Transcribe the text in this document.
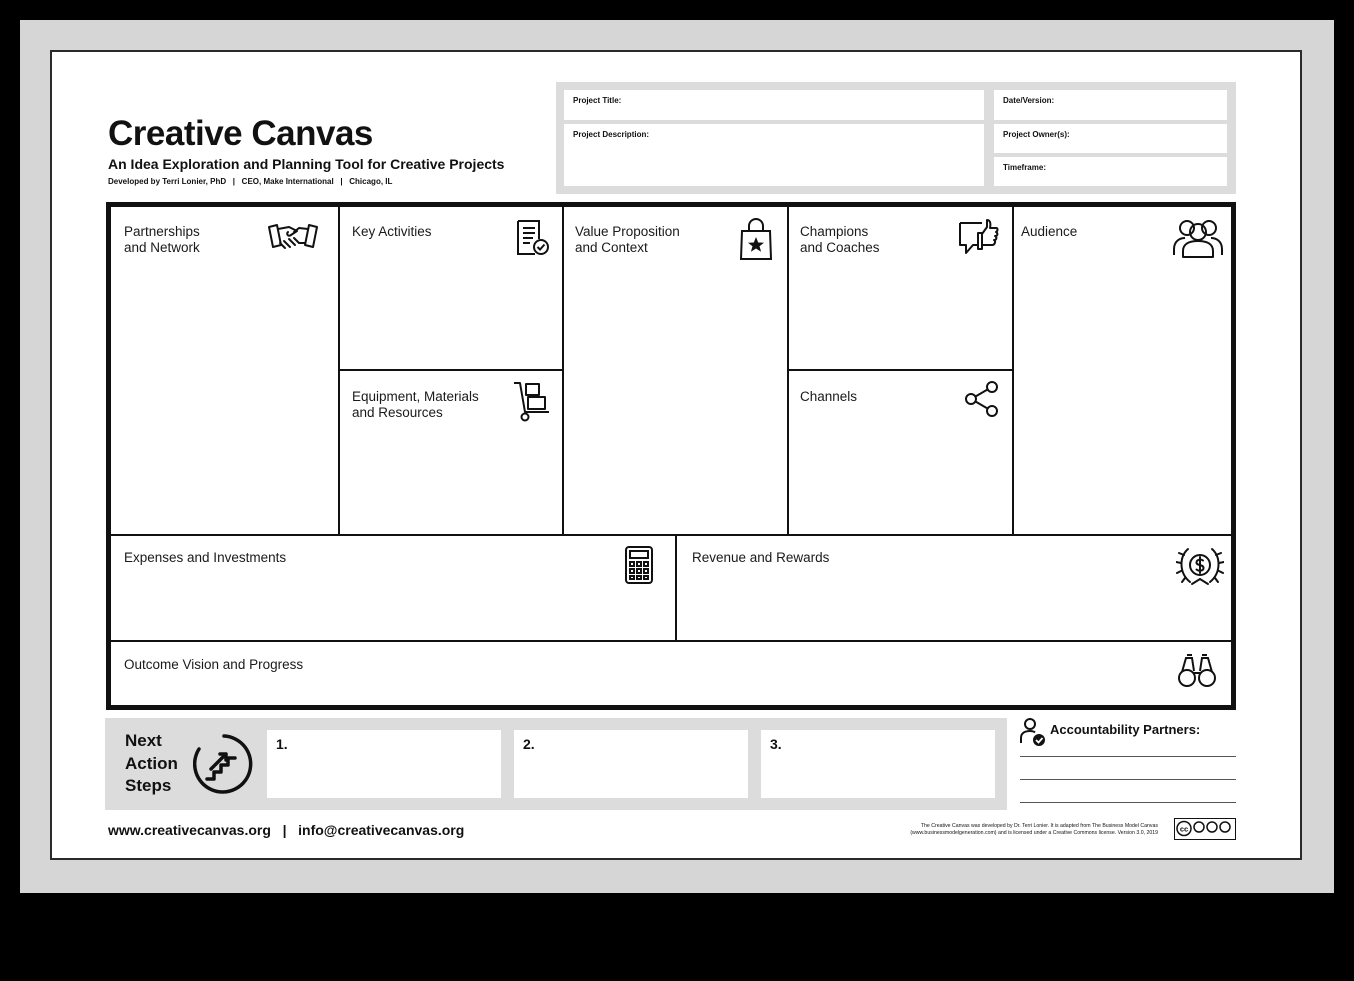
Creative Canvas
An Idea Exploration and Planning Tool for Creative Projects
Developed by Terri Lonier, PhD   |   CEO, Make International   |   Chicago, IL
Project Title:
Project Description:
Date/Version:
Project Owner(s):
Timeframe:
Partnerships
and Network
Key Activities
Equipment, Materials
and Resources
Value Proposition
and Context
Champions
and Coaches
Channels
Audience
Expenses and Investments	Revenue and Rewards
Outcome Vision and Progress
Next
Action
Steps
1.	2.	3.
Accountability Partners:
www.creativecanvas.org   |   info@creativecanvas.org	The Creative Canvas was developed by Dr. Terri Lonier. It is adapted from The Business Model Canvas
(www.businessmodelgeneration.com) and is licensed under a Creative Commons license. Version 3.0, 2019	cc
